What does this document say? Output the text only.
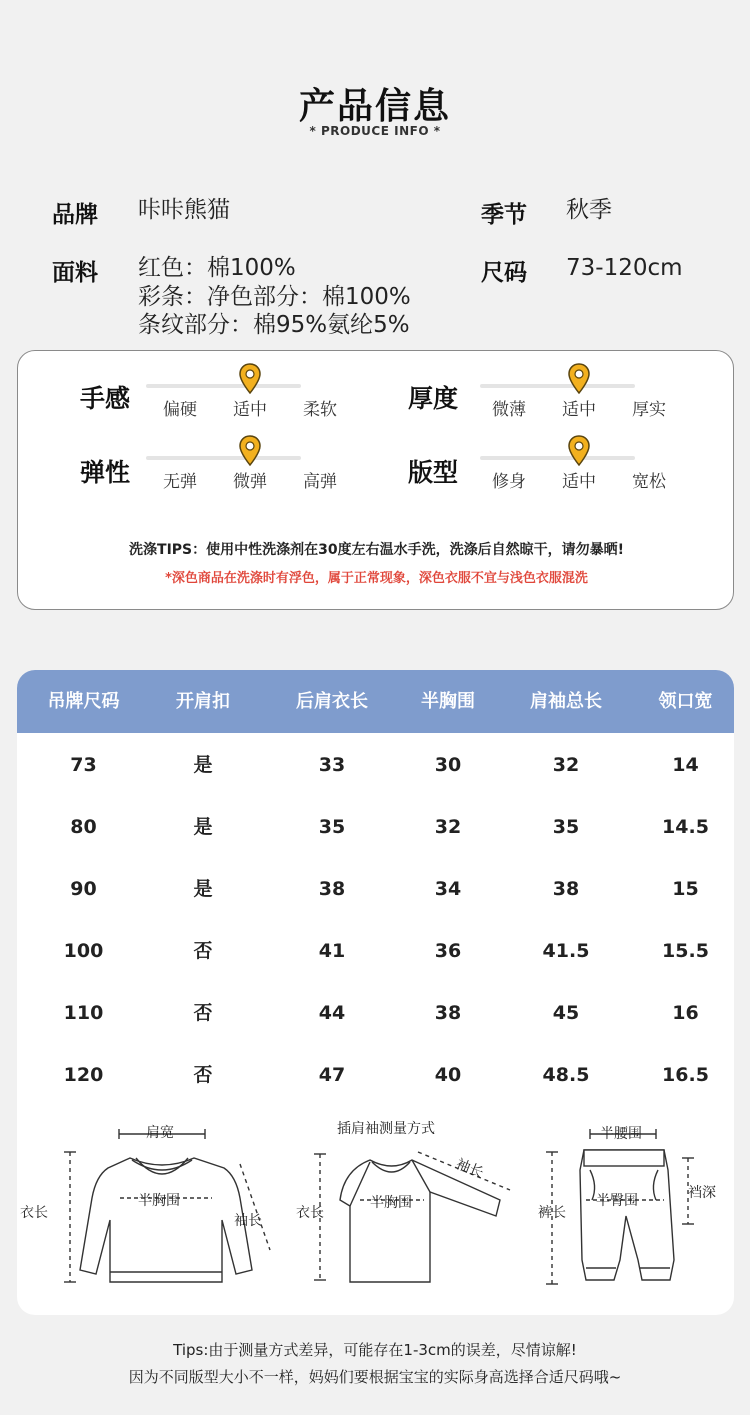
产品信息
* PRODUCE INFO *
品牌 咔咔熊猫	季节 秋季
面料 红色：棉100%
彩条：净色部分：棉100%
条纹部分：棉95%氨纶5%
尺码 73-120cm
手感	偏硬	适中	柔软	厚度	微薄	适中	厚实
弹性	无弹	微弹	高弹	版型	修身	适中	宽松
洗涤TIPS：使用中性洗涤剂在30度左右温水手洗，洗涤后自然晾干，请勿暴晒!
*深色商品在洗涤时有浮色，属于正常现象，深色衣服不宜与浅色衣服混洗
吊牌尺码	开肩扣	后肩衣长	半胸围	肩袖总长	领口宽
73	是	33	30	32	14
80	是	35	32	35	14.5
90	是	38	34	38	15
100	否	41	36	41.5	15.5
110	否	44	38	45	16
120	否	47	40	48.5	16.5
肩宽
衣长
半胸围
袖长
插肩袖测量方式
衣长
半胸围
袖长
半腰围
裆深
裤长
半臀围
Tips:由于测量方式差异，可能存在1-3cm的误差，尽情谅解!
因为不同版型大小不一样，妈妈们要根据宝宝的实际身高选择合适尺码哦~
